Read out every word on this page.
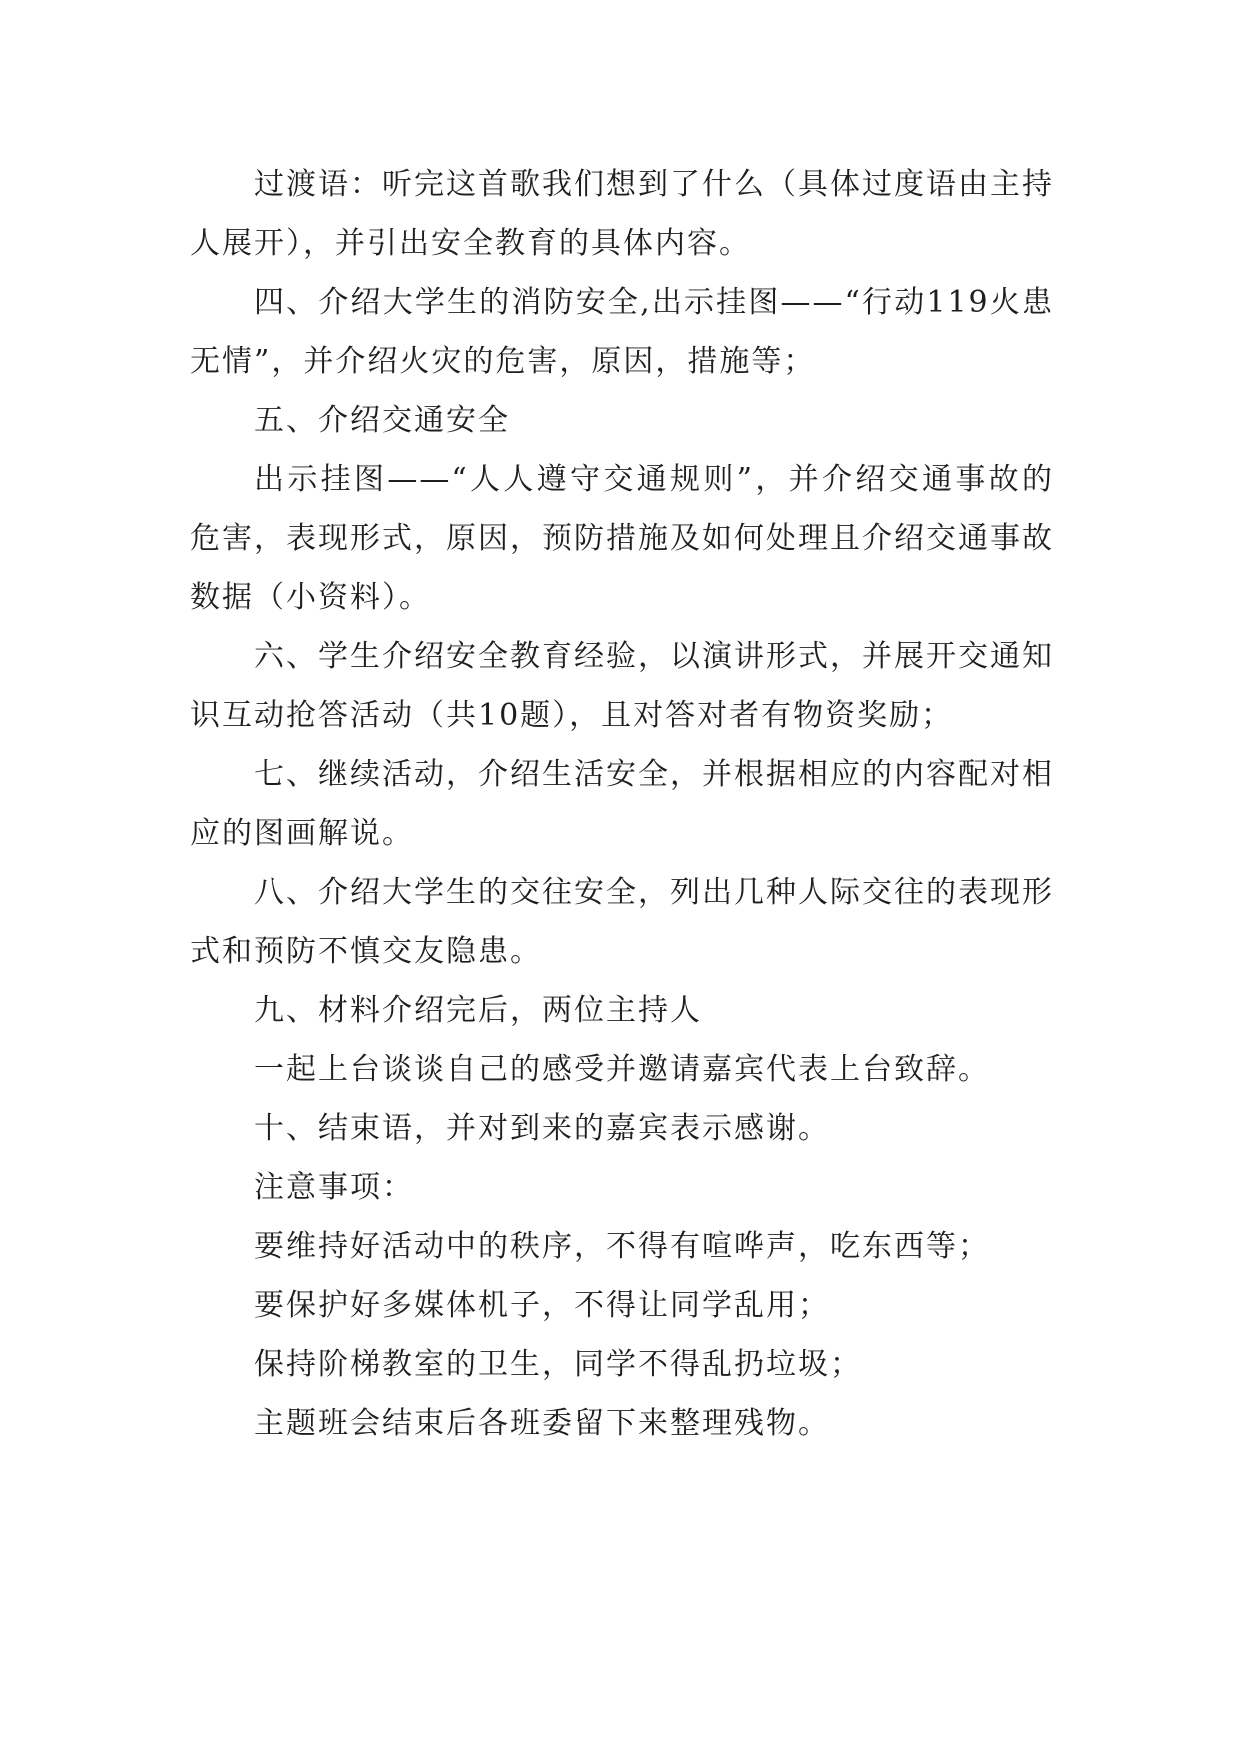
过渡语：听完这首歌我们想到了什么（具体过度语由主持人展开），并引出安全教育的具体内容。

四、介绍大学生的消防安全,出示挂图——“行动119火患无情”，并介绍火灾的危害，原因，措施等；

五、介绍交通安全

出示挂图——“人人遵守交通规则”，并介绍交通事故的危害，表现形式，原因，预防措施及如何处理且介绍交通事故数据（小资料）。

六、学生介绍安全教育经验，以演讲形式，并展开交通知识互动抢答活动（共10题），且对答对者有物资奖励；

七、继续活动，介绍生活安全，并根据相应的内容配对相应的图画解说。

八、介绍大学生的交往安全，列出几种人际交往的表现形式和预防不慎交友隐患。

九、材料介绍完后，两位主持人

一起上台谈谈自己的感受并邀请嘉宾代表上台致辞。

十、结束语，并对到来的嘉宾表示感谢。

注意事项：

要维持好活动中的秩序，不得有喧哗声，吃东西等；

要保护好多媒体机子，不得让同学乱用；

保持阶梯教室的卫生，同学不得乱扔垃圾；

主题班会结束后各班委留下来整理残物。
